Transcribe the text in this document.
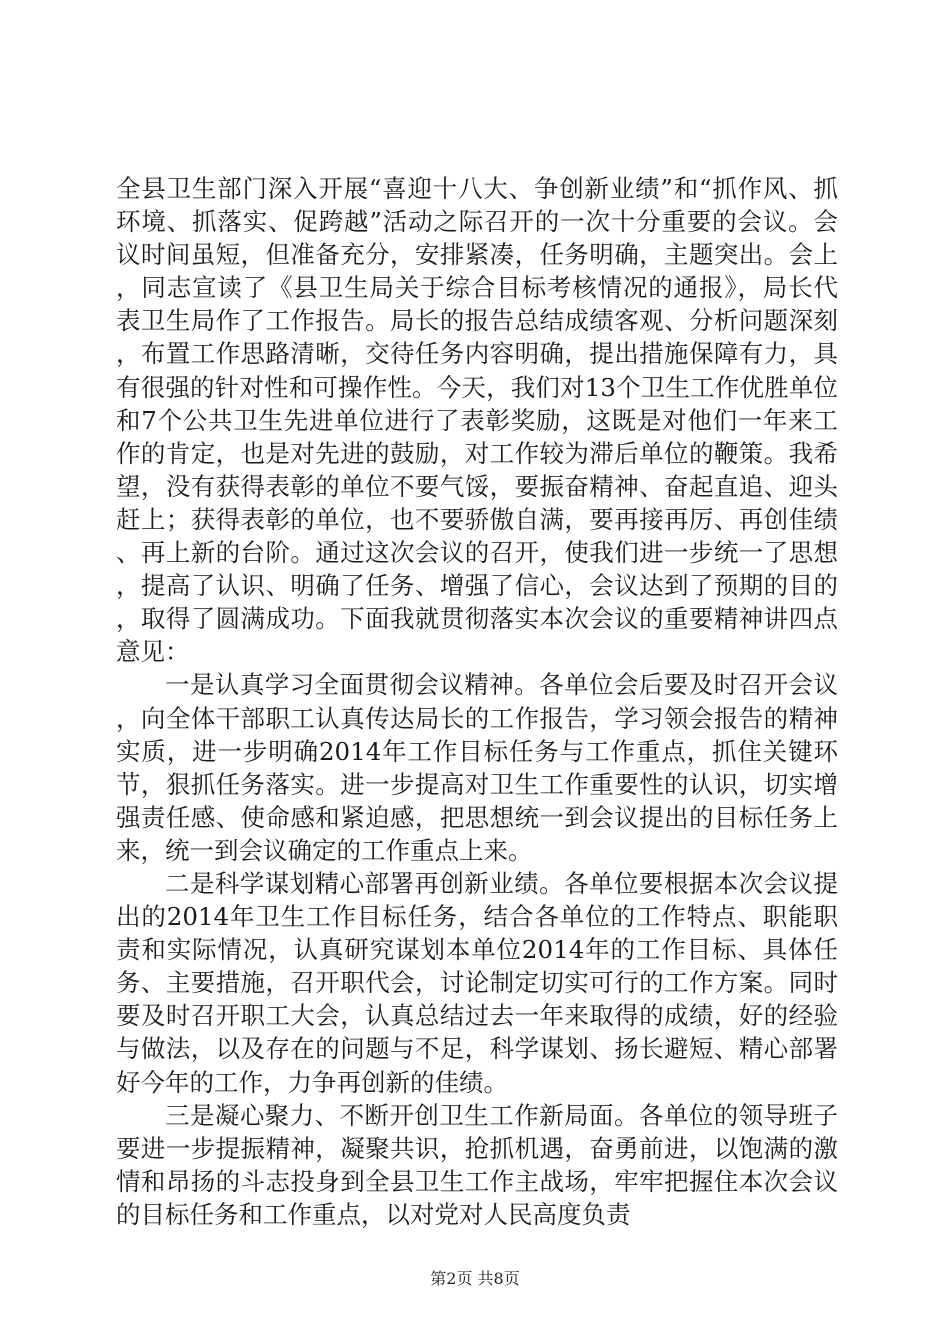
全县卫生部门深入开展“喜迎十八大、争创新业绩”和“抓作风、抓环境、抓落实、促跨越”活动之际召开的一次十分重要的会议。会议时间虽短，但准备充分，安排紧凑，任务明确，主题突出。会上，同志宣读了《县卫生局关于综合目标考核情况的通报》，局长代表卫生局作了工作报告。局长的报告总结成绩客观、分析问题深刻，布置工作思路清晰，交待任务内容明确，提出措施保障有力，具有很强的针对性和可操作性。今天，我们对13个卫生工作优胜单位和7个公共卫生先进单位进行了表彰奖励，这既是对他们一年来工作的肯定，也是对先进的鼓励，对工作较为滞后单位的鞭策。我希望，没有获得表彰的单位不要气馁，要振奋精神、奋起直追、迎头赶上；获得表彰的单位，也不要骄傲自满，要再接再厉、再创佳绩、再上新的台阶。通过这次会议的召开，使我们进一步统一了思想，提高了认识、明确了任务、增强了信心，会议达到了预期的目的，取得了圆满成功。下面我就贯彻落实本次会议的重要精神讲四点意见：

一是认真学习全面贯彻会议精神。各单位会后要及时召开会议，向全体干部职工认真传达局长的工作报告，学习领会报告的精神实质，进一步明确2014年工作目标任务与工作重点，抓住关键环节，狠抓任务落实。进一步提高对卫生工作重要性的认识，切实增强责任感、使命感和紧迫感，把思想统一到会议提出的目标任务上来，统一到会议确定的工作重点上来。

二是科学谋划精心部署再创新业绩。各单位要根据本次会议提出的2014年卫生工作目标任务，结合各单位的工作特点、职能职责和实际情况，认真研究谋划本单位2014年的工作目标、具体任务、主要措施，召开职代会，讨论制定切实可行的工作方案。同时要及时召开职工大会，认真总结过去一年来取得的成绩，好的经验与做法，以及存在的问题与不足，科学谋划、扬长避短、精心部署好今年的工作，力争再创新的佳绩。

三是凝心聚力、不断开创卫生工作新局面。各单位的领导班子要进一步提振精神，凝聚共识，抢抓机遇，奋勇前进，以饱满的激情和昂扬的斗志投身到全县卫生工作主战场，牢牢把握住本次会议的目标任务和工作重点，以对党对人民高度负责

第2页 共8页
